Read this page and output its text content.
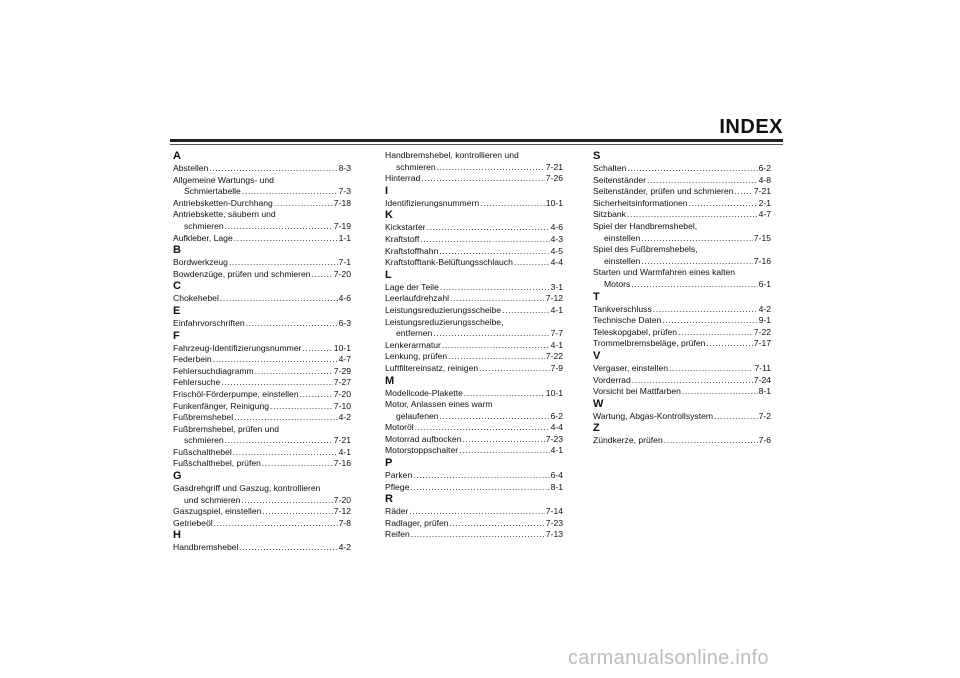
INDEX
A
Abstellen .....	8-3
Allgemeine Wartungs- und
Schmiertabelle .....	7-3
Antriebsketten-Durchhang .....	7-18
Antriebskette, säubern und
schmieren .....	7-19
Aufkleber, Lage .....	1-1
B
Bordwerkzeug .....	7-1
Bowdenzüge, prüfen und schmieren .....	7-20
C
Chokehebel .....	4-6
E
Einfahrvorschriften .....	6-3
F
Fahrzeug-Identifizierungsnummer .....	10-1
Federbein .....	4-7
Fehlersuchdiagramm .....	7-29
Fehlersuche .....	7-27
Frischöl-Förderpumpe, einstellen .....	7-20
Funkenfänger, Reinigung .....	7-10
Fußbremshebel .....	4-2
Fußbremshebel, prüfen und
schmieren .....	7-21
Fußschalthebel .....	4-1
Fußschalthebel, prüfen .....	7-16
G
Gasdrehgriff und Gaszug, kontrollieren
und schmieren .....	7-20
Gaszugspiel, einstellen .....	7-12
Getriebeöl .....	7-8
H
Handbremshebel .....	4-2
Handbremshebel, kontrollieren und
schmieren .....	7-21
Hinterrad .....	7-26
I
Identifizierungsnummern .....	10-1
K
Kickstarter .....	4-6
Kraftstoff .....	4-3
Kraftstoffhahn .....	4-5
Kraftstofftank-Belüftungsschlauch .....	4-4
L
Lage der Teile .....	3-1
Leerlaufdrehzahl .....	7-12
Leistungsreduzierungsscheibe .....	4-1
Leistungsreduzierungsscheibe,
entfernen .....	7-7
Lenkerarmatur .....	4-1
Lenkung, prüfen .....	7-22
Luftfiltereinsatz, reinigen .....	7-9
M
Modellcode-Plakette .....	10-1
Motor, Anlassen eines warm
gelaufenen .....	6-2
Motoröl .....	4-4
Motorrad aufbocken .....	7-23
Motorstoppschalter .....	4-1
P
Parken .....	6-4
Pflege .....	8-1
R
Räder .....	7-14
Radlager, prüfen .....	7-23
Reifen .....	7-13
S
Schalten .....	6-2
Seitenständer .....	4-8
Seitenständer, prüfen und schmieren ..... 7-21
Sicherheitsinformationen .....	2-1
Sitzbank .....	4-7
Spiel der Handbremshebel,
einstellen .....	7-15
Spiel des Fußbremshebels,
einstellen .....	7-16
Starten und Warmfahren eines kalten
Motors .....	6-1
T
Tankverschluss .....	4-2
Technische Daten .....	9-1
Teleskopgabel, prüfen .....	7-22
Trommelbremsbeläge, prüfen .....	7-17
V
Vergaser, einstellen .....	7-11
Vorderrad .....	7-24
Vorsicht bei Mattfarben .....	8-1
W
Wartung, Abgas-Kontrollsystem .....	7-2
Z
Zündkerze, prüfen .....	7-6
carmanualsonline.info
